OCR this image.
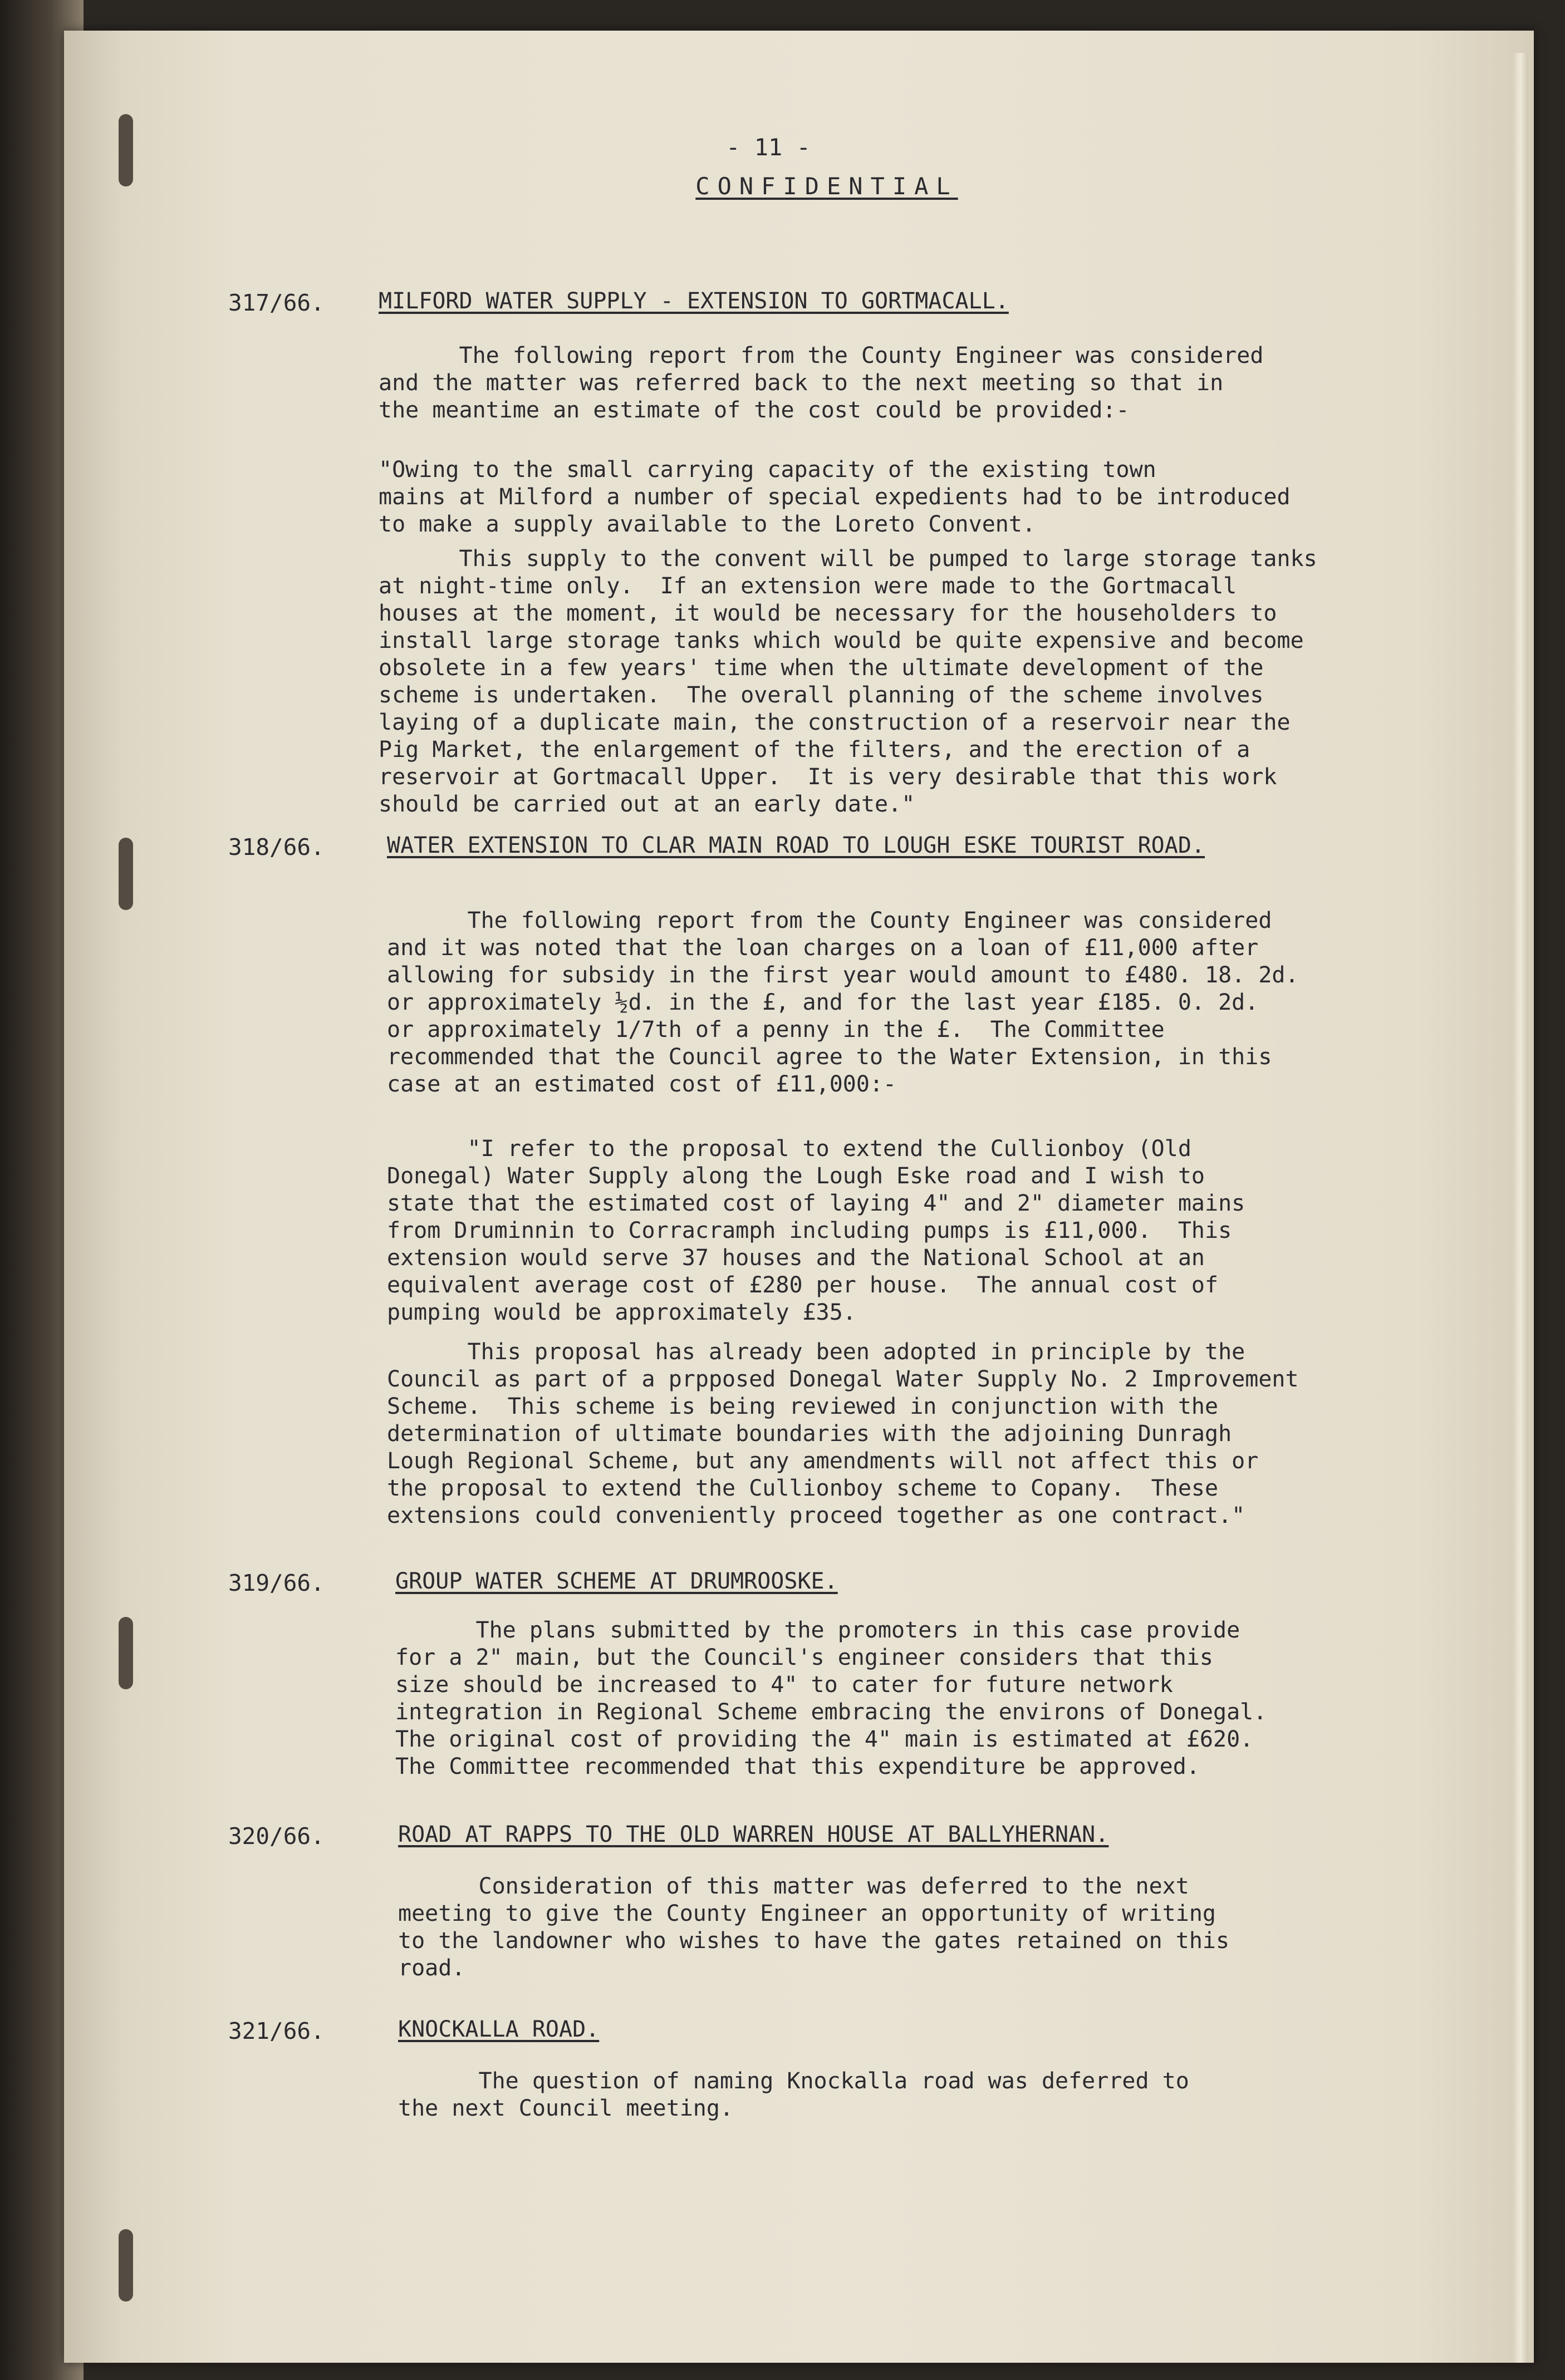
- 11 -
CONFIDENTIAL
317/66. MILFORD WATER SUPPLY - EXTENSION TO GORTMACALL.

The following report from the County Engineer was considered
and the matter was referred back to the next meeting so that in
the meantime an estimate of the cost could be provided:-

"Owing to the small carrying capacity of the existing town
mains at Milford a number of special expedients had to be introduced
to make a supply available to the Loreto Convent.

This supply to the convent will be pumped to large storage tanks
at night-time only.  If an extension were made to the Gortmacall
houses at the moment, it would be necessary for the householders to
install large storage tanks which would be quite expensive and become
obsolete in a few years' time when the ultimate development of the
scheme is undertaken.  The overall planning of the scheme involves
laying of a duplicate main, the construction of a reservoir near the
Pig Market, the enlargement of the filters, and the erection of a
reservoir at Gortmacall Upper.  It is very desirable that this work
should be carried out at an early date."

318/66.	WATER EXTENSION TO CLAR MAIN ROAD TO LOUGH ESKE TOURIST ROAD.

The following report from the County Engineer was considered
and it was noted that the loan charges on a loan of £11,000 after
allowing for subsidy in the first year would amount to £480. 18. 2d.
or approximately ½d. in the £, and for the last year £185. 0. 2d.
or approximately 1/7th of a penny in the £.  The Committee
recommended that the Council agree to the Water Extension, in this
case at an estimated cost of £11,000:-

"I refer to the proposal to extend the Cullionboy (Old
Donegal) Water Supply along the Lough Eske road and I wish to
state that the estimated cost of laying 4" and 2" diameter mains
from Druminnin to Corracramph including pumps is £11,000.  This
extension would serve 37 houses and the National School at an
equivalent average cost of £280 per house.  The annual cost of
pumping would be approximately £35.

This proposal has already been adopted in principle by the
Council as part of a prpposed Donegal Water Supply No. 2 Improvement
Scheme.  This scheme is being reviewed in conjunction with the
determination of ultimate boundaries with the adjoining Dunragh
Lough Regional Scheme, but any amendments will not affect this or
the proposal to extend the Cullionboy scheme to Copany.  These
extensions could conveniently proceed together as one contract."

319/66.	GROUP WATER SCHEME AT DRUMROOSKE.

The plans submitted by the promoters in this case provide
for a 2" main, but the Council's engineer considers that this
size should be increased to 4" to cater for future network
integration in Regional Scheme embracing the environs of Donegal.
The original cost of providing the 4" main is estimated at £620.
The Committee recommended that this expenditure be approved.

320/66.	ROAD AT RAPPS TO THE OLD WARREN HOUSE AT BALLYHERNAN.

Consideration of this matter was deferred to the next
meeting to give the County Engineer an opportunity of writing
to the landowner who wishes to have the gates retained on this
road.

321/66.	KNOCKALLA ROAD.

The question of naming Knockalla road was deferred to
the next Council meeting.
